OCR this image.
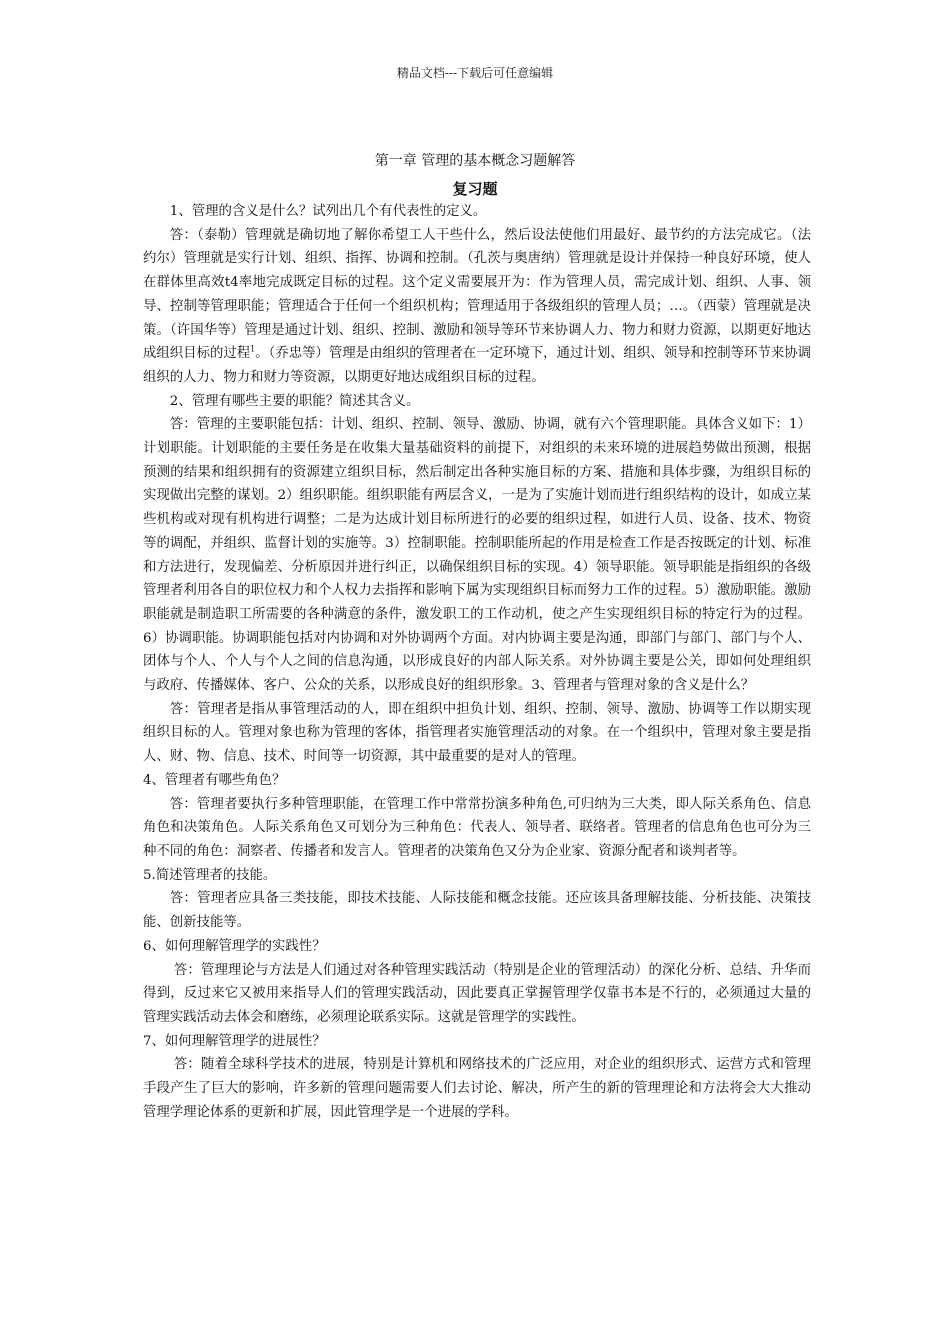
精品文档---下载后可任意编辑
第一章 管理的基本概念习题解答
复习题

1、管理的含义是什么？试列出几个有代表性的定义。

答：（泰勒）管理就是确切地了解你希望工人干些什么，然后设法使他们用最好、最节约的方法完成它。（法约尔）管理就是实行计划、组织、指挥、协调和控制。（孔茨与奥唐纳）管理就是设计并保持一种良好环境，使人在群体里高效t4率地完成既定目标的过程。这个定义需要展开为：作为管理人员，需完成计划、组织、人事、领导、控制等管理职能；管理适合于任何一个组织机构；管理适用于各级组织的管理人员；…。（西蒙）管理就是决策。（许国华等）管理是通过计划、组织、控制、激励和领导等环节来协调人力、物力和财力资源，以期更好地达成组织目标的过程$^1$。（乔忠等）管理是由组织的管理者在一定环境下，通过计划、组织、领导和控制等环节来协调组织的人力、物力和财力等资源，以期更好地达成组织目标的过程。

2、管理有哪些主要的职能？简述其含义。

答：管理的主要职能包括：计划、组织、控制、领导、激励、协调，就有六个管理职能。具体含义如下：1）计划职能。计划职能的主要任务是在收集大量基础资料的前提下，对组织的未来环境的进展趋势做出预测，根据预测的结果和组织拥有的资源建立组织目标，然后制定出各种实施目标的方案、措施和具体步骤，为组织目标的实现做出完整的谋划。2）组织职能。组织职能有两层含义，一是为了实施计划而进行组织结构的设计，如成立某些机构或对现有机构进行调整；二是为达成计划目标所进行的必要的组织过程，如进行人员、设备、技术、物资等的调配，并组织、监督计划的实施等。3）控制职能。控制职能所起的作用是检查工作是否按既定的计划、标准和方法进行，发现偏差、分析原因并进行纠正，以确保组织目标的实现。4）领导职能。领导职能是指组织的各级管理者利用各自的职位权力和个人权力去指挥和影响下属为实现组织目标而努力工作的过程。5）激励职能。激励职能就是制造职工所需要的各种满意的条件，激发职工的工作动机，使之产生实现组织目标的特定行为的过程。6）协调职能。协调职能包括对内协调和对外协调两个方面。对内协调主要是沟通，即部门与部门、部门与个人、团体与个人、个人与个人之间的信息沟通，以形成良好的内部人际关系。对外协调主要是公关，即如何处理组织与政府、传播媒体、客户、公众的关系，以形成良好的组织形象。3、管理者与管理对象的含义是什么？

答：管理者是指从事管理活动的人，即在组织中担负计划、组织、控制、领导、激励、协调等工作以期实现组织目标的人。管理对象也称为管理的客体，指管理者实施管理活动的对象。在一个组织中，管理对象主要是指人、财、物、信息、技术、时间等一切资源，其中最重要的是对人的管理。

4、管理者有哪些角色？

答：管理者要执行多种管理职能，在管理工作中常常扮演多种角色,可归纳为三大类，即人际关系角色、信息角色和决策角色。人际关系角色又可划分为三种角色：代表人、领导者、联络者。管理者的信息角色也可分为三种不同的角色：洞察者、传播者和发言人。管理者的决策角色又分为企业家、资源分配者和谈判者等。

5.简述管理者的技能。

答：管理者应具备三类技能，即技术技能、人际技能和概念技能。还应该具备理解技能、分析技能、决策技能、创新技能等。

6、如何理解管理学的实践性？

答：管理理论与方法是人们通过对各种管理实践活动（特别是企业的管理活动）的深化分析、总结、升华而得到，反过来它又被用来指导人们的管理实践活动，因此要真正掌握管理学仅靠书本是不行的，必须通过大量的管理实践活动去体会和磨练，必须理论联系实际。这就是管理学的实践性。

7、如何理解管理学的进展性？

答：随着全球科学技术的进展，特别是计算机和网络技术的广泛应用，对企业的组织形式、运营方式和管理手段产生了巨大的影响，许多新的管理问题需要人们去讨论、解决，所产生的新的管理理论和方法将会大大推动管理学理论体系的更新和扩展，因此管理学是一个进展的学科。
